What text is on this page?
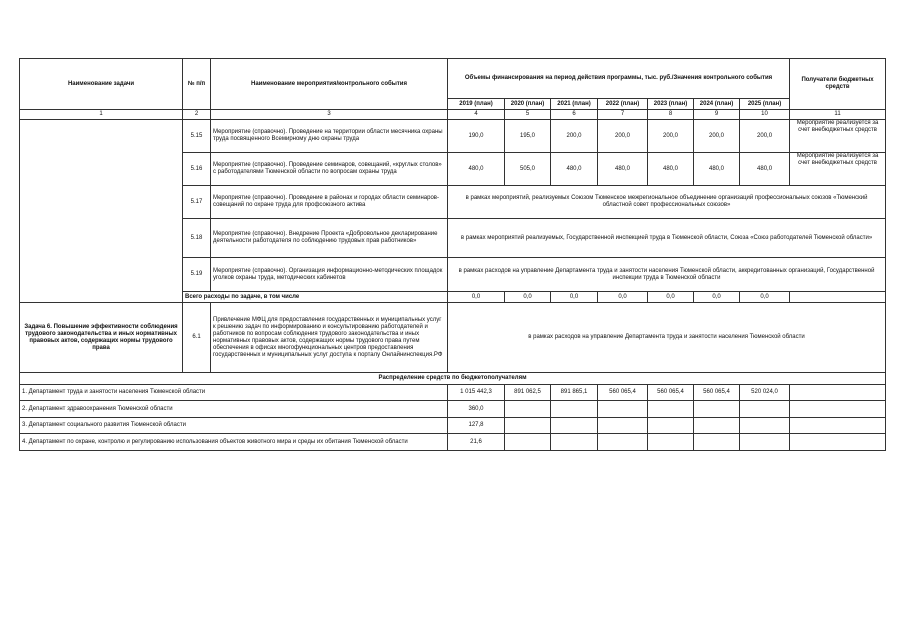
Наименование задачи	№ п/п	Наименование мероприятия/контрольного события	Объемы финансирования на период действия программы, тыс. руб./Значения контрольного события							Получатели бюджетных средств
			2019 (план)	2020 (план)	2021 (план)	2022 (план)	2023 (план)	2024 (план)	2025 (план)	
1	2	3	4	5	6	7	8	9	10	11
	5.15	Мероприятие (справочно). Проведение на территории области месячника охраны труда посвященного Всемирному дню охраны труда	190,0	195,0	200,0	200,0	200,0	200,0	200,0	Мероприятие реализуется за счет внебюджетных средств
	5.16	Мероприятие (справочно). Проведение семинаров, совещаний, «круглых столов» с работодателями Тюменской области по вопросам охраны труда	480,0	505,0	480,0	480,0	480,0	480,0	480,0	Мероприятие реализуется за счет внебюджетных средств
	5.17	Мероприятие (справочно). Проведение в районах и городах области семинаров-совещаний по охране труда для профсоюзного актива	в рамках мероприятий, реализуемых Союзом Тюменское межрегиональное объединение организаций профессиональных союзов «Тюменский областной совет профессиональных союзов»							
	5.18	Мероприятие (справочно). Внедрение Проекта «Добровольное декларирование деятельности работодателя по соблюдению трудовых прав работников»	в рамках мероприятий реализуемых, Государственной инспекцией труда в Тюменской области, Союза «Союз работодателей Тюменской области»							
	5.19	Мероприятие (справочно). Организация информационно-методических площадок уголков охраны труда, методических кабинетов	в рамках расходов на управление Департамента труда и занятости населения Тюменской области, аккредитованных организаций, Государственной инспекции труда в Тюменской области							
	Всего расходы по задаче, в том числе		0,0	0,0	0,0	0,0	0,0	0,0	0,0	
Задача 6. Повышение эффективности соблюдения трудового законодательства и иных нормативных правовых актов, содержащих нормы трудового права	6.1	Привлечение МФЦ для предоставления государственных и муниципальных услуг к решению задач по информированию и консультированию работодателей и работников по вопросам соблюдения трудового законодательства и иных нормативных правовых актов, содержащих нормы трудового права путем обеспечения в офисах многофункциональных центров предоставления государственных и муниципальных услуг доступа к порталу Онлайнинспекция.РФ	в рамках расходов на управление Департамента труда и занятости населения Тюменской области							
Распределение средств по бюджетополучателям										
1. Департамент труда и занятости населения Тюменской области			1 015 442,3	891 062,5	891 865,1	560 065,4	560 065,4	560 065,4	520 024,0	
2. Департамент здравоохранения Тюменской области			360,0							
3. Департамент социального развития Тюменской области			127,8							
4. Департамент по охране, контролю и регулированию использования объектов животного мира и среды их обитания Тюменской области			21,6							
